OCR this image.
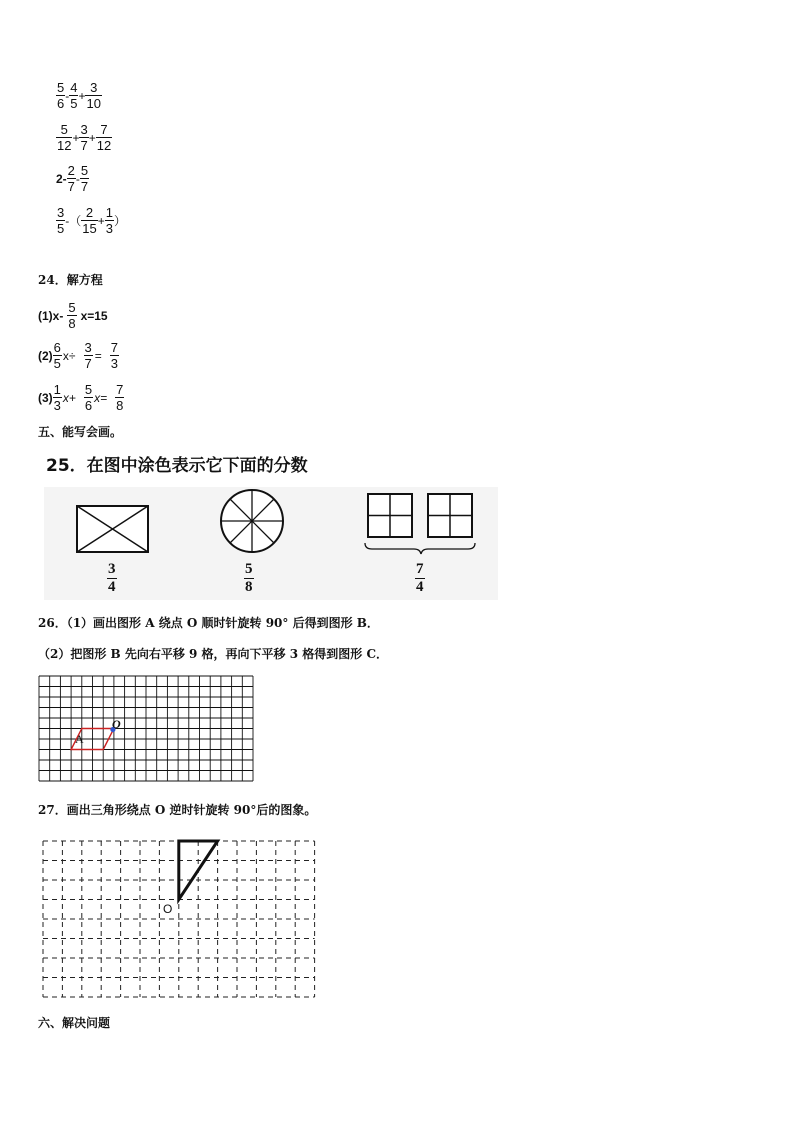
$\frac{5}{6} - \frac{4}{5} + \frac{3}{10}$
$\frac{5}{12} + \frac{3}{7} + \frac{7}{12}$
$2- \frac{2}{7} - \frac{5}{7}$
$\frac{3}{5}$ -（ $\frac{2}{15} + \frac{1}{3}$ ）
24．解方程
$(1)x- \frac{5}{8} x=15$
$(2) \frac{6}{5} x\div \frac{3}{7} = \frac{7}{3}$
$(3) \frac{1}{3} x+ \frac{5}{6} x= \frac{7}{8}$
五、能写会画。
25．在图中涂色表示它下面的分数
$\frac{3}{4}$	$\frac{5}{8}$	$\frac{7}{4}$
26．（1）画出图形 A 绕点 O 顺时针旋转 90° 后得到图形 B．
（2）把图形 B 先向右平移 9 格，再向下平移 3 格得到图形 C．
A
O
27．画出三角形绕点 O 逆时针旋转 90°后的图象。
O
六、解决问题
